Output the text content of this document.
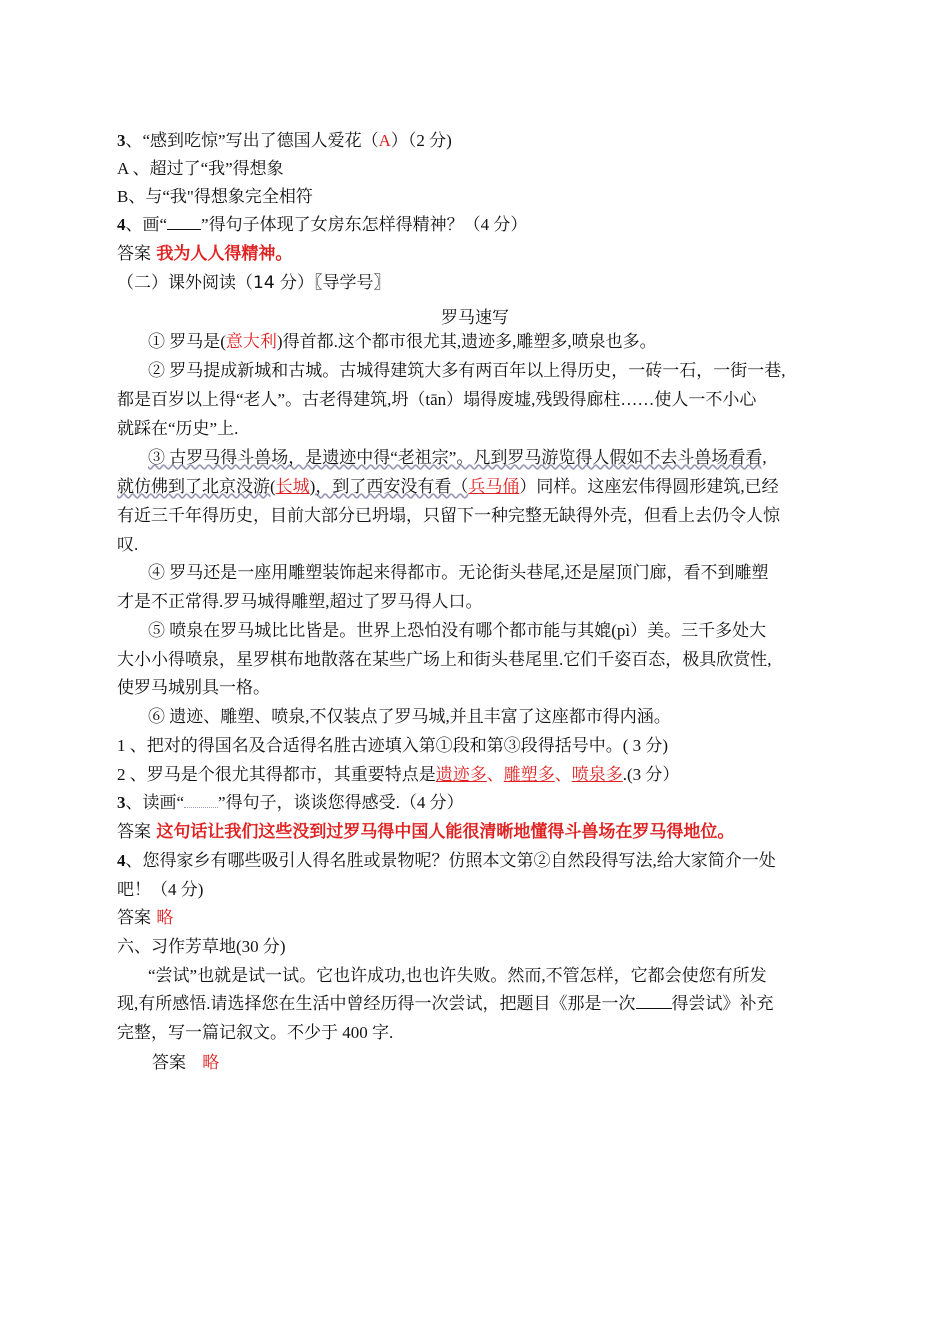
3、“感到吃惊”写出了德国人爱花（A）（2 分)
A 、超过了“我”得想象
B、与“我"得想象完全相符
4、画“ ”得句子体现了女房东怎样得精神？（4 分）
答案 我为人人得精神。
（二）课外阅读（14 分）〖导学号〗
罗马速写
① 罗马是(意大利)得首都.这个都市很尤其,遗迹多,雕塑多,喷泉也多。
② 罗马提成新城和古城。古城得建筑大多有两百年以上得历史，一砖一石，一街一巷,
都是百岁以上得“老人”。古老得建筑,坍（tān）塌得废墟,残毁得廊柱……使人一不小心
就踩在“历史”上.
③ 古罗马得斗兽场，是遗迹中得“老祖宗”。凡到罗马游览得人假如不去斗兽场看看,
就仿佛到了北京没游(长城)，到了西安没有看（兵马俑）同样。这座宏伟得圆形建筑,已经
有近三千年得历史，目前大部分已坍塌，只留下一种完整无缺得外壳，但看上去仍令人惊
叹.
④ 罗马还是一座用雕塑装饰起来得都市。无论街头巷尾,还是屋顶门廊，看不到雕塑
才是不正常得.罗马城得雕塑,超过了罗马得人口。
⑤ 喷泉在罗马城比比皆是。世界上恐怕没有哪个都市能与其媲(pì）美。三千多处大
大小小得喷泉，星罗棋布地散落在某些广场上和街头巷尾里.它们千姿百态，极具欣赏性,
使罗马城别具一格。
⑥ 遗迹、雕塑、喷泉,不仅装点了罗马城,并且丰富了这座都市得内涵。
1 、把对的得国名及合适得名胜古迹填入第①段和第③段得括号中。( 3 分)
2 、罗马是个很尤其得都市，其重要特点是遗迹多、雕塑多、喷泉多.(3 分）
3、读画“ ”得句子，谈谈您得感受.（4 分）
答案 这句话让我们这些没到过罗马得中国人能很清晰地懂得斗兽场在罗马得地位。
4、您得家乡有哪些吸引人得名胜或景物呢？仿照本文第②自然段得写法,给大家简介一处
吧！（4 分)
答案 略
六、习作芳草地(30 分)
“尝试”也就是试一试。它也许成功,也也许失败。然而,不管怎样，它都会使您有所发
现,有所感悟.请选择您在生活中曾经历得一次尝试，把题目《那是一次 得尝试》补充
完整，写一篇记叙文。不少于 400 字.
答案 略
